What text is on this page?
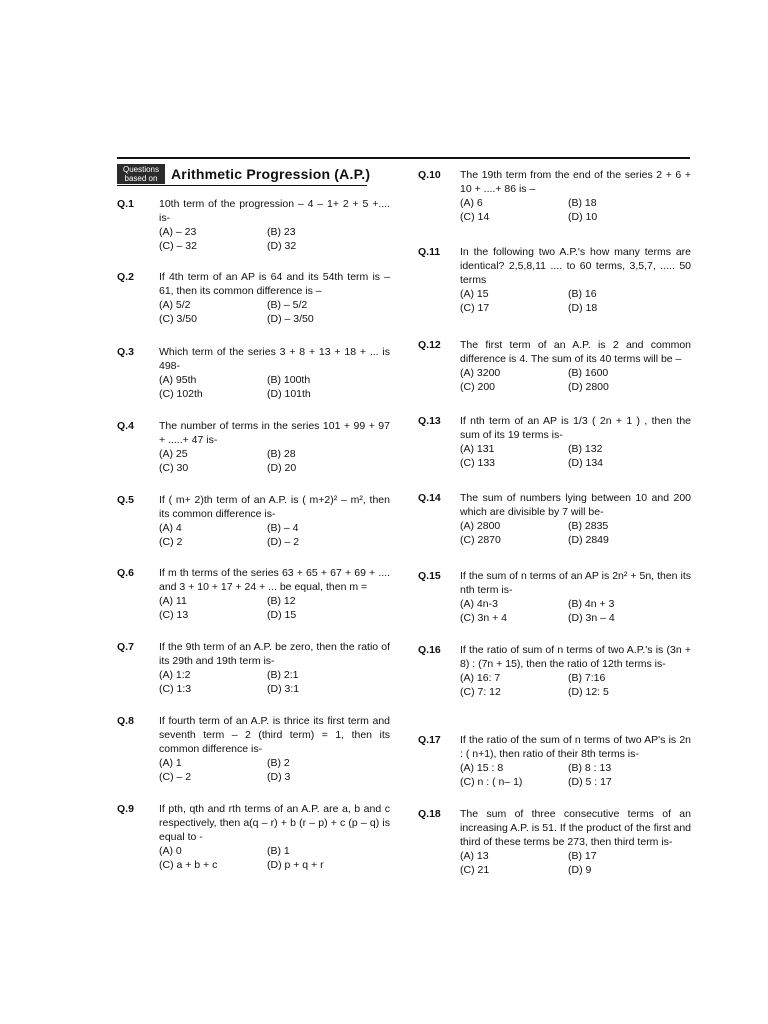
Questions based on Arithmetic Progression (A.P.)
Q.1	10th term of the progression – 4 – 1+ 2 + 5 +.... is-
(A) – 23	(B) 23
(C) – 32	(D) 32
Q.2	If 4th term of an AP is 64 and its 54th term is – 61, then its common difference is –
(A) 5/2	(B) – 5/2
(C) 3/50	(D) – 3/50
Q.3	Which term of the series 3 + 8 + 13 + 18 + ... is 498-
(A) 95th	(B) 100th
(C) 102th	(D) 101th
Q.4	The number of terms in the series 101 + 99 + 97 + .....+ 47 is-
(A) 25	(B) 28
(C) 30	(D) 20
Q.5	If ( m+ 2)th term of an A.P. is ( m+2)² – m², then its common difference is-
(A) 4	(B) – 4
(C) 2	(D) – 2
Q.6	If m th terms of the series 63 + 65 + 67 + 69 + .... and 3 + 10 + 17 + 24 + ... be equal, then m =
(A) 11	(B) 12
(C) 13	(D) 15
Q.7	If the 9th term of an A.P. be zero, then the ratio of its 29th and 19th term is-
(A) 1:2	(B) 2:1
(C) 1:3	(D) 3:1
Q.8	If fourth term of an A.P. is thrice its first term and seventh term – 2 (third term) = 1, then its common difference is-
(A) 1	(B) 2
(C) – 2	(D) 3
Q.9	If pth, qth and rth terms of an A.P. are a, b and c respectively, then a(q – r) + b (r – p) + c (p – q) is equal to -
(A) 0	(B) 1
(C) a + b + c	(D) p + q + r
Q.10	The 19th term from the end of the series 2 + 6 + 10 + ....+ 86 is –
(A) 6	(B) 18
(C) 14	(D) 10
Q.11	In the following two A.P.'s how many terms are identical? 2,5,8,11 .... to 60 terms, 3,5,7, ..... 50 terms
(A) 15	(B) 16
(C) 17	(D) 18
Q.12	The first term of an A.P. is 2 and common difference is 4. The sum of its 40 terms will be –
(A) 3200	(B) 1600
(C) 200	(D) 2800
Q.13	If nth term of an AP is 1/3 ( 2n + 1 ) , then the sum of its 19 terms is-
(A) 131	(B) 132
(C) 133	(D) 134
Q.14	The sum of numbers lying between 10 and 200 which are divisible by 7 will be-
(A) 2800	(B) 2835
(C) 2870	(D) 2849
Q.15	If the sum of n terms of an AP is 2n² + 5n, then its nth term is-
(A) 4n-3	(B) 4n + 3
(C) 3n + 4	(D) 3n – 4
Q.16	If the ratio of sum of n terms of two A.P.'s is (3n + 8) : (7n + 15), then the ratio of 12th terms is-
(A) 16: 7	(B) 7:16
(C) 7: 12	(D) 12: 5
Q.17	If the ratio of the sum of n terms of two AP's is 2n : ( n+1), then ratio of their 8th terms is-
(A) 15 : 8	(B) 8 : 13
(C) n : ( n– 1)	(D) 5 : 17
Q.18	The sum of three consecutive terms of an increasing A.P. is 51. If the product of the first and third of these terms be 273, then third term is-
(A) 13	(B) 17
(C) 21	(D) 9
